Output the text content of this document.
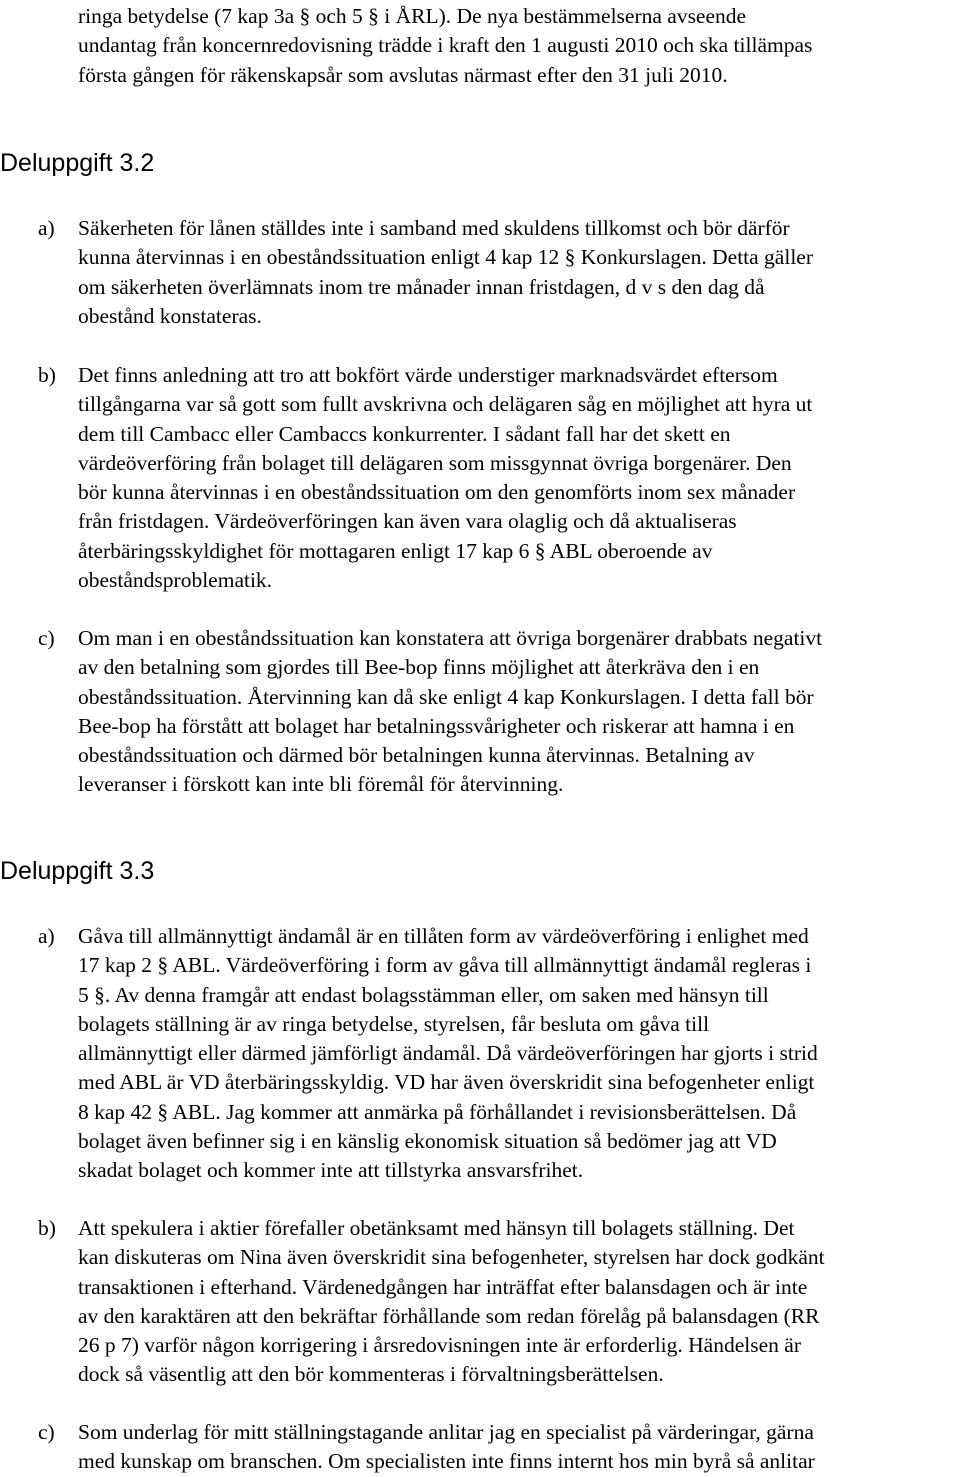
ringa betydelse (7 kap 3a § och 5 § i ÅRL). De nya bestämmelserna avseende
undantag från koncernredovisning trädde i kraft den 1 augusti 2010 och ska tillämpas
första gången för räkenskapsår som avslutas närmast efter den 31 juli 2010.
Deluppgift 3.2
a) Säkerheten för lånen ställdes inte i samband med skuldens tillkomst och bör därför
kunna återvinnas i en obeståndssituation enligt 4 kap 12 § Konkurslagen. Detta gäller
om säkerheten överlämnats inom tre månader innan fristdagen, d v s den dag då
obestånd konstateras.
b) Det finns anledning att tro att bokfört värde understiger marknadsvärdet eftersom
tillgångarna var så gott som fullt avskrivna och delägaren såg en möjlighet att hyra ut
dem till Cambacc eller Cambaccs konkurrenter. I sådant fall har det skett en
värdeöverföring från bolaget till delägaren som missgynnat övriga borgenärer. Den
bör kunna återvinnas i en obeståndssituation om den genomförts inom sex månader
från fristdagen. Värdeöverföringen kan även vara olaglig och då aktualiseras
återbäringsskyldighet för mottagaren enligt 17 kap 6 § ABL oberoende av
obeståndsproblematik.
c) Om man i en obeståndssituation kan konstatera att övriga borgenärer drabbats negativt
av den betalning som gjordes till Bee-bop finns möjlighet att återkräva den i en
obeståndssituation. Återvinning kan då ske enligt 4 kap Konkurslagen. I detta fall bör
Bee-bop ha förstått att bolaget har betalningssvårigheter och riskerar att hamna i en
obeståndssituation och därmed bör betalningen kunna återvinnas. Betalning av
leveranser i förskott kan inte bli föremål för återvinning.
Deluppgift 3.3
a) Gåva till allmännyttigt ändamål är en tillåten form av värdeöverföring i enlighet med
17 kap 2 § ABL. Värdeöverföring i form av gåva till allmännyttigt ändamål regleras i
5 §. Av denna framgår att endast bolagsstämman eller, om saken med hänsyn till
bolagets ställning är av ringa betydelse, styrelsen, får besluta om gåva till
allmännyttigt eller därmed jämförligt ändamål. Då värdeöverföringen har gjorts i strid
med ABL är VD återbäringsskyldig. VD har även överskridit sina befogenheter enligt
8 kap 42 § ABL. Jag kommer att anmärka på förhållandet i revisionsberättelsen. Då
bolaget även befinner sig i en känslig ekonomisk situation så bedömer jag att VD
skadat bolaget och kommer inte att tillstyrka ansvarsfrihet.
b) Att spekulera i aktier förefaller obetänksamt med hänsyn till bolagets ställning. Det
kan diskuteras om Nina även överskridit sina befogenheter, styrelsen har dock godkänt
transaktionen i efterhand. Värdenedgången har inträffat efter balansdagen och är inte
av den karaktären att den bekräftar förhållande som redan förelåg på balansdagen (RR
26 p 7) varför någon korrigering i årsredovisningen inte är erforderlig. Händelsen är
dock så väsentlig att den bör kommenteras i förvaltningsberättelsen.
c) Som underlag för mitt ställningstagande anlitar jag en specialist på värderingar, gärna
med kunskap om branschen. Om specialisten inte finns internt hos min byrå så anlitar
